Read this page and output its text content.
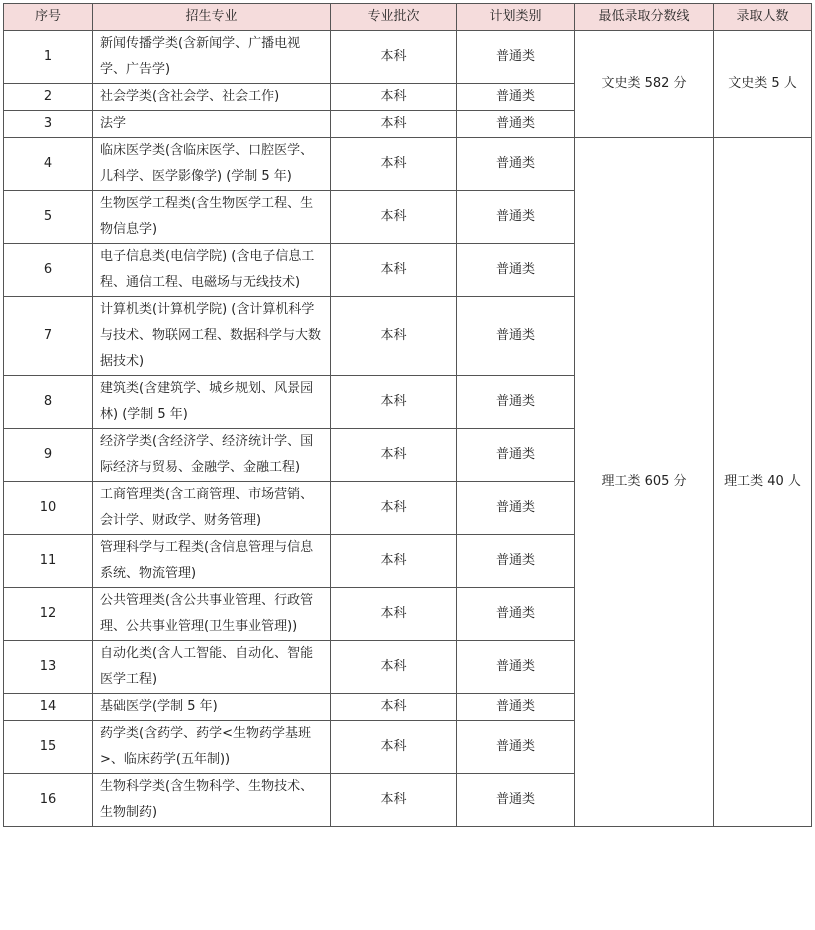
序号	招生专业	专业批次	计划类别	最低录取分数线	录取人数
1	新闻传播学类(含新闻学、广播电视学、广告学)	本科	普通类	文史类 582 分	文史类 5 人
2	社会学类(含社会学、社会工作)	本科	普通类		
3	法学	本科	普通类		
4	临床医学类(含临床医学、口腔医学、儿科学、医学影像学) (学制 5 年)	本科	普通类	理工类 605 分	理工类 40 人
5	生物医学工程类(含生物医学工程、生物信息学)	本科	普通类		
6	电子信息类(电信学院) (含电子信息工程、通信工程、电磁场与无线技术)	本科	普通类		
7	计算机类(计算机学院) (含计算机科学与技术、物联网工程、数据科学与大数据技术)	本科	普通类		
8	建筑类(含建筑学、城乡规划、风景园林) (学制 5 年)	本科	普通类		
9	经济学类(含经济学、经济统计学、国际经济与贸易、金融学、金融工程)	本科	普通类		
10	工商管理类(含工商管理、市场营销、会计学、财政学、财务管理)	本科	普通类		
11	管理科学与工程类(含信息管理与信息系统、物流管理)	本科	普通类		
12	公共管理类(含公共事业管理、行政管理、公共事业管理(卫生事业管理))	本科	普通类		
13	自动化类(含人工智能、自动化、智能医学工程)	本科	普通类		
14	基础医学(学制 5 年)	本科	普通类		
15	药学类(含药学、药学<生物药学基班>、临床药学(五年制))	本科	普通类		
16	生物科学类(含生物科学、生物技术、生物制药)	本科	普通类		
